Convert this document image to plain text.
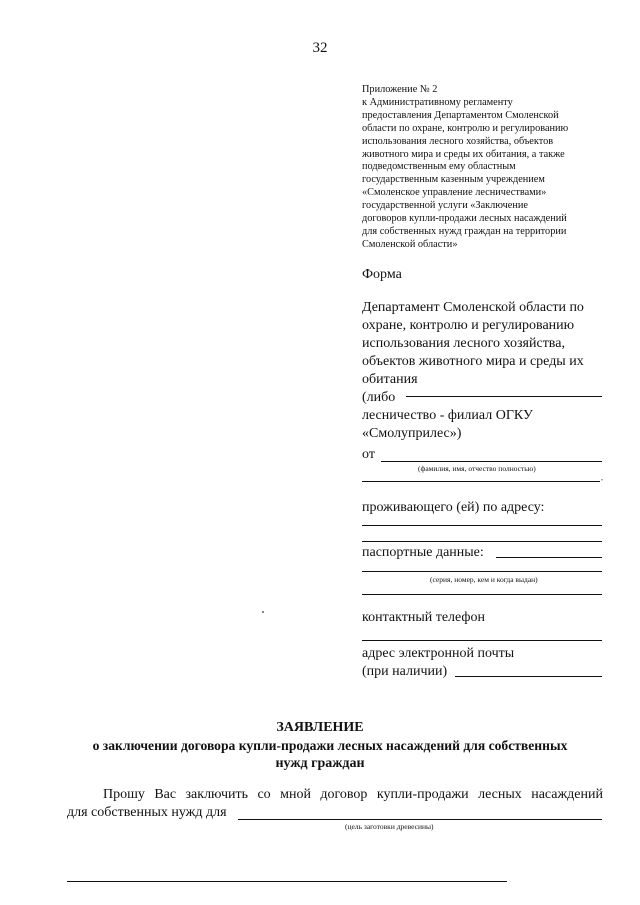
32
Приложение № 2
к Административному регламенту
предоставления Департаментом Смоленской
области по охране, контролю и регулированию
использования лесного хозяйства, объектов
животного мира и среды их обитания, а также
подведомственным ему областным
государственным казенным учреждением
«Смоленское управление лесничествами»
государственной услуги «Заключение
договоров купли-продажи лесных насаждений
для собственных нужд граждан на территории
Смоленской области»
Форма
Департамент Смоленской области по
охране, контролю и регулированию
использования лесного хозяйства,
объектов животного мира и среды их
обитания
(либо
лесничество - филиал ОГКУ
«Смолуприлес»)
от
(фамилия, имя, отчество полностью)
,
проживающего (ей) по адресу:
паспортные данные:
(серия, номер, кем и когда выдан)
контактный телефон
адрес электронной почты
(при наличии)
ЗАЯВЛЕНИЕ
о заключении договора купли-продажи лесных насаждений для собственных
нужд граждан
Прошу Вас заключить со мной договор купли-продажи лесных насаждений
для собственных нужд для
(цель заготовки древесины)
